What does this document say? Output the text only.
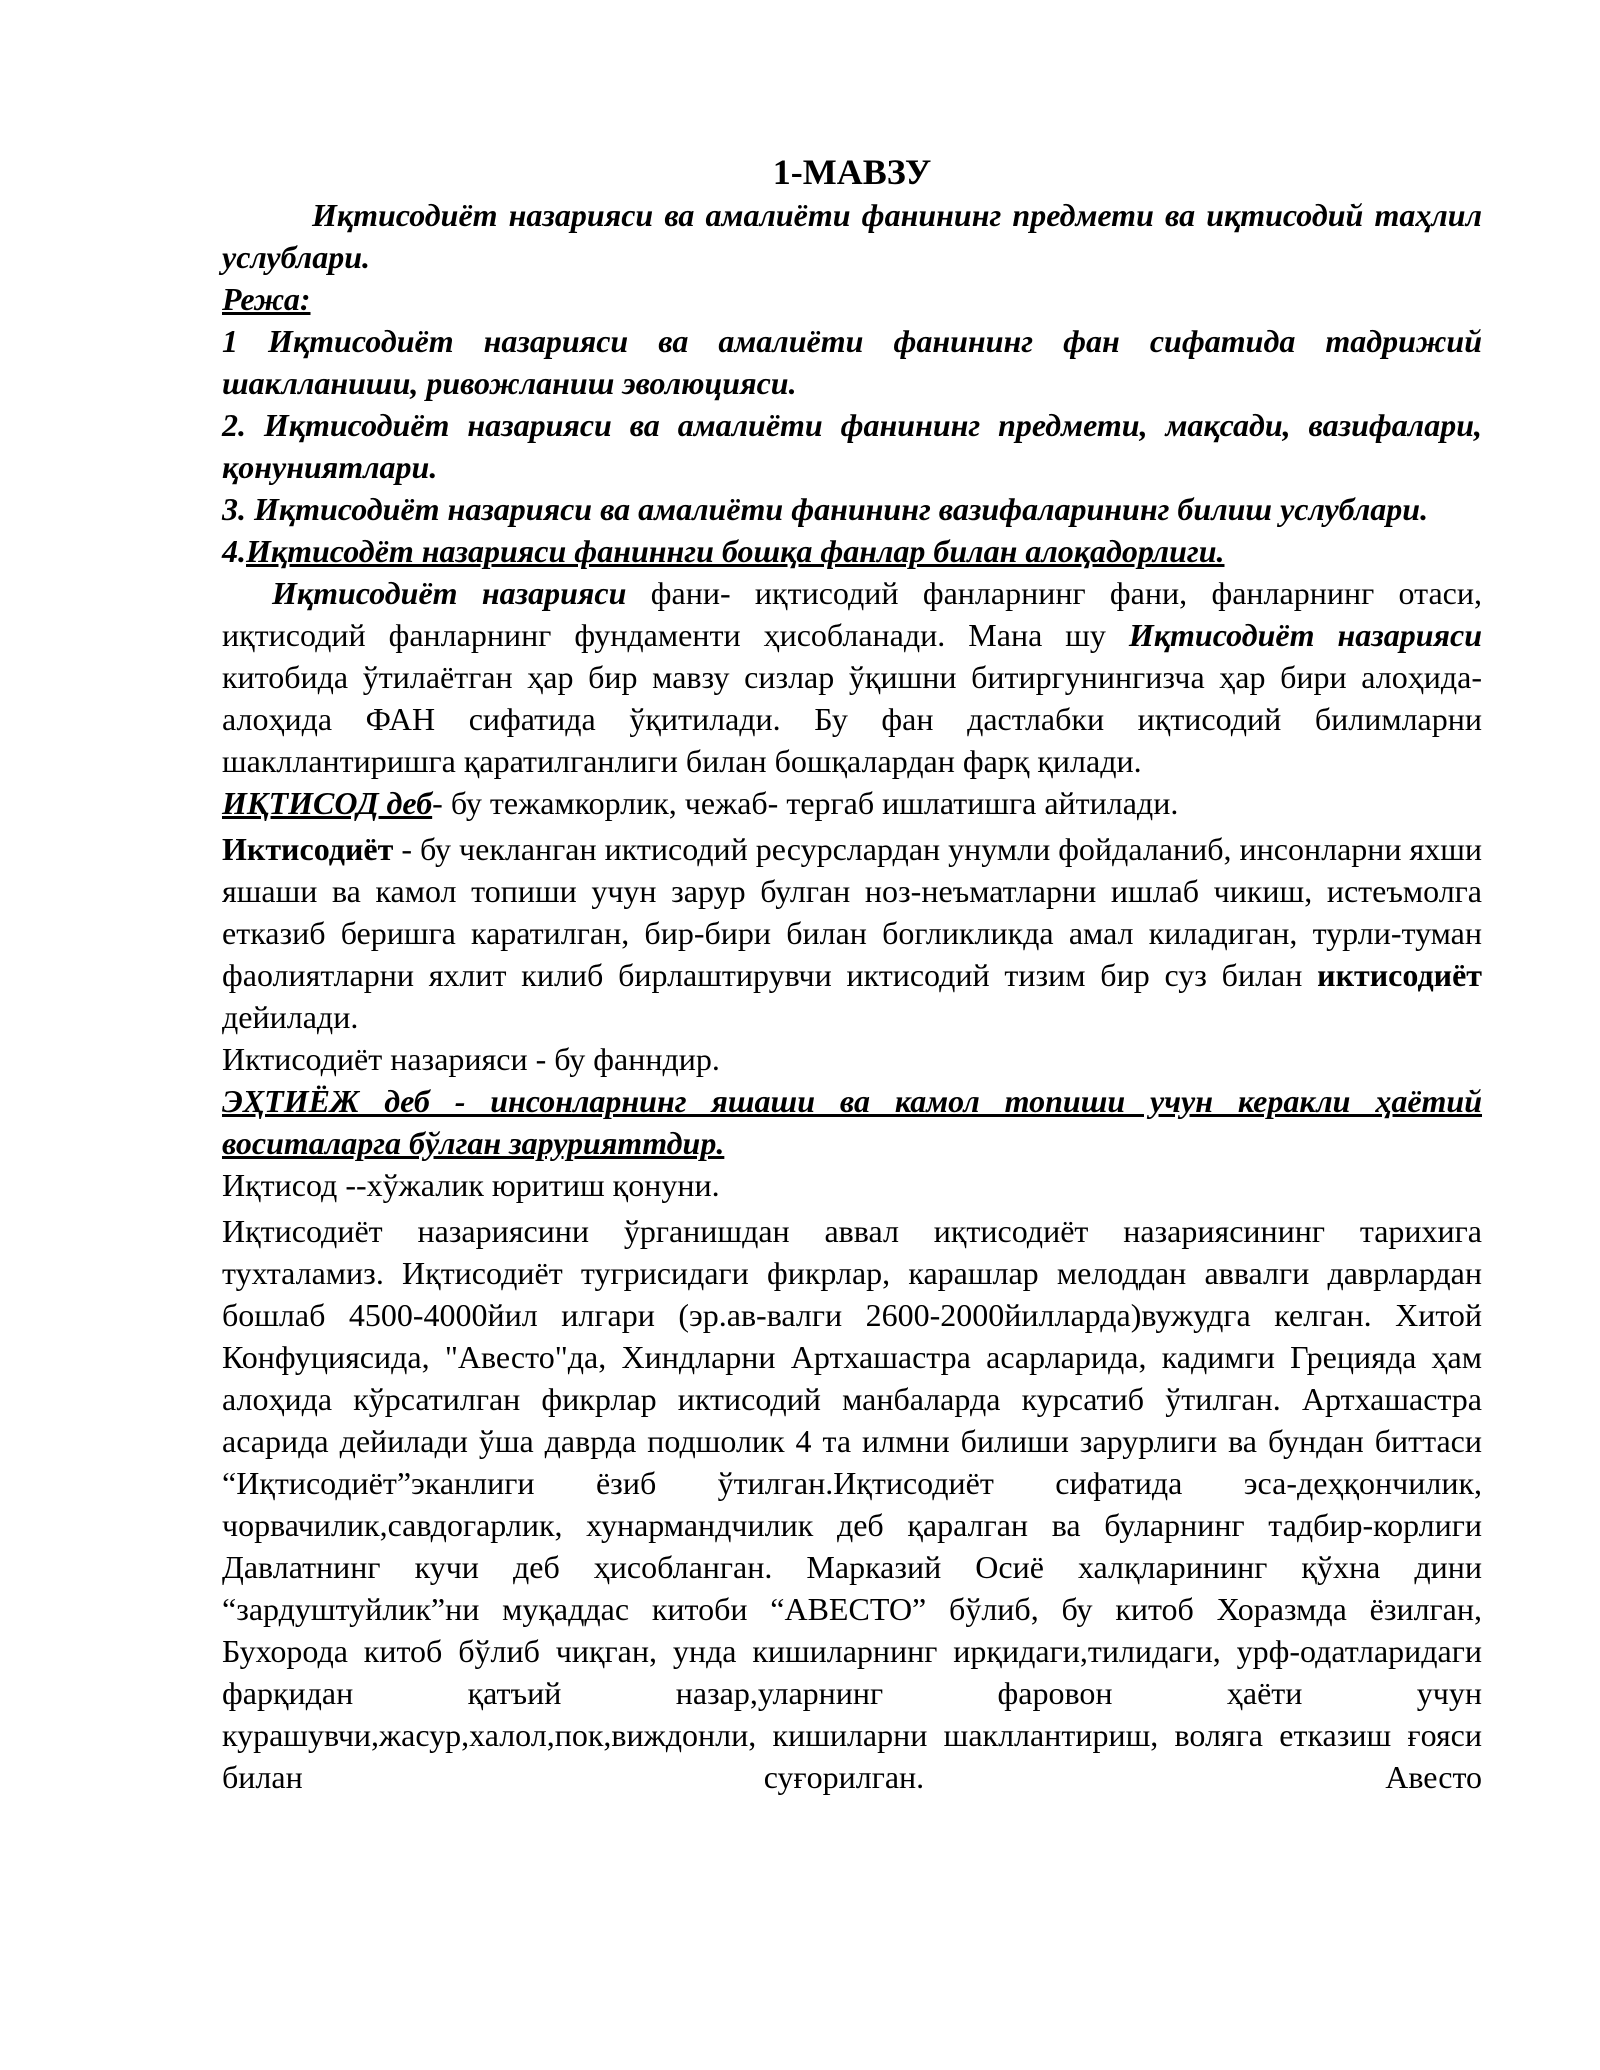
1-МАВЗУ

Иқтисодиёт назарияси ва амалиёти фанининг предмети ва иқтисодий таҳлил услублари.

Режа:

1 Иқтисодиёт назарияси ва амалиёти фанининг фан сифатида тадрижий шаклланиши, ривожланиш эволюцияси.

2. Иқтисодиёт назарияси ва амалиёти фанининг предмети, мақсади, вазифалари, қонуниятлари.

3. Иқтисодиёт назарияси ва амалиёти фанининг вазифаларининг билиш услублари.

4.Иқтисодёт назарияси фаниннги бошқа фанлар билан алоқадорлиги.

Иқтисодиёт назарияси фани- иқтисодий фанларнинг фани, фанларнинг отаси, иқтисодий фанларнинг фундаменти ҳисобланади. Мана шу Иқтисодиёт назарияси китобида ўтилаётган ҳар бир мавзу сизлар ўқишни битиргунингизча ҳар бири алоҳида-алоҳида ФАН сифатида ўқитилади. Бу фан дастлабки иқтисодий билимларни шакллантиришга қаратилганлиги билан бошқалардан фарқ қилади.

ИҚТИСОД деб- бу тежамкорлик, чежаб- тергаб ишлатишга айтилади.

Иктисодиёт - бу чекланган иктисодий ресурслардан унумли фойдаланиб, инсонларни яхши яшаши ва камол топиши учун зарур булган ноз-неъматларни ишлаб чикиш, истеъмолга етказиб беришга каратилган, бир-бири билан богликликда амал киладиган, турли-туман фаолиятларни яхлит килиб бирлаштирувчи иктисодий тизим бир суз билан иктисодиёт дейилади.

Иктисодиёт назарияси - бу фанндир.

ЭҲТИЁЖ деб - инсонларнинг яшаши ва камол топиши учун керакли ҳаётий воситаларга бўлган зарурияттдир.

Иқтисод --хўжалик юритиш қонуни.

Иқтисодиёт назариясини ўрганишдан аввал иқтисодиёт назариясининг тарихига тухталамиз. Иқтисодиёт тугрисидаги фикрлар, карашлар мелоддан аввалги даврлардан бошлаб 4500-4000йил илгари (эр.ав-валги 2600-2000йилларда)вужудга келган. Хитой Конфуциясида, "Авесто"да, Хиндларни Артхашастра асарларида, кадимги Грецияда ҳам алоҳида кўрсатилган фикрлар иктисодий манбаларда курсатиб ўтилган. Артхашастра асарида дейилади ўша даврда подшолик 4 та илмни билиши зарурлиги ва бундан биттаси “Иқтисодиёт”эканлиги ёзиб ўтилган.Иқтисодиёт сифатида эса-деҳқончилик, чорвачилик,савдогарлик, хунармандчилик деб қаралган ва буларнинг тадбир-корлиги Давлатнинг кучи деб ҳисобланган. Марказий Осиё халқларининг қўхна дини “зардуштуйлик”ни муқаддас китоби “АВЕСТО” бўлиб, бу китоб Хоразмда ёзилган, Бухорода китоб бўлиб чиқган, унда кишиларнинг ирқидаги,тилидаги, урф-одатларидаги фарқидан қатъий назар,уларнинг фаровон ҳаёти учун курашувчи,жасур,халол,пок,виждонли, кишиларни шакллантириш, воляга етказиш ғояси билан суғорилган. Авесто
